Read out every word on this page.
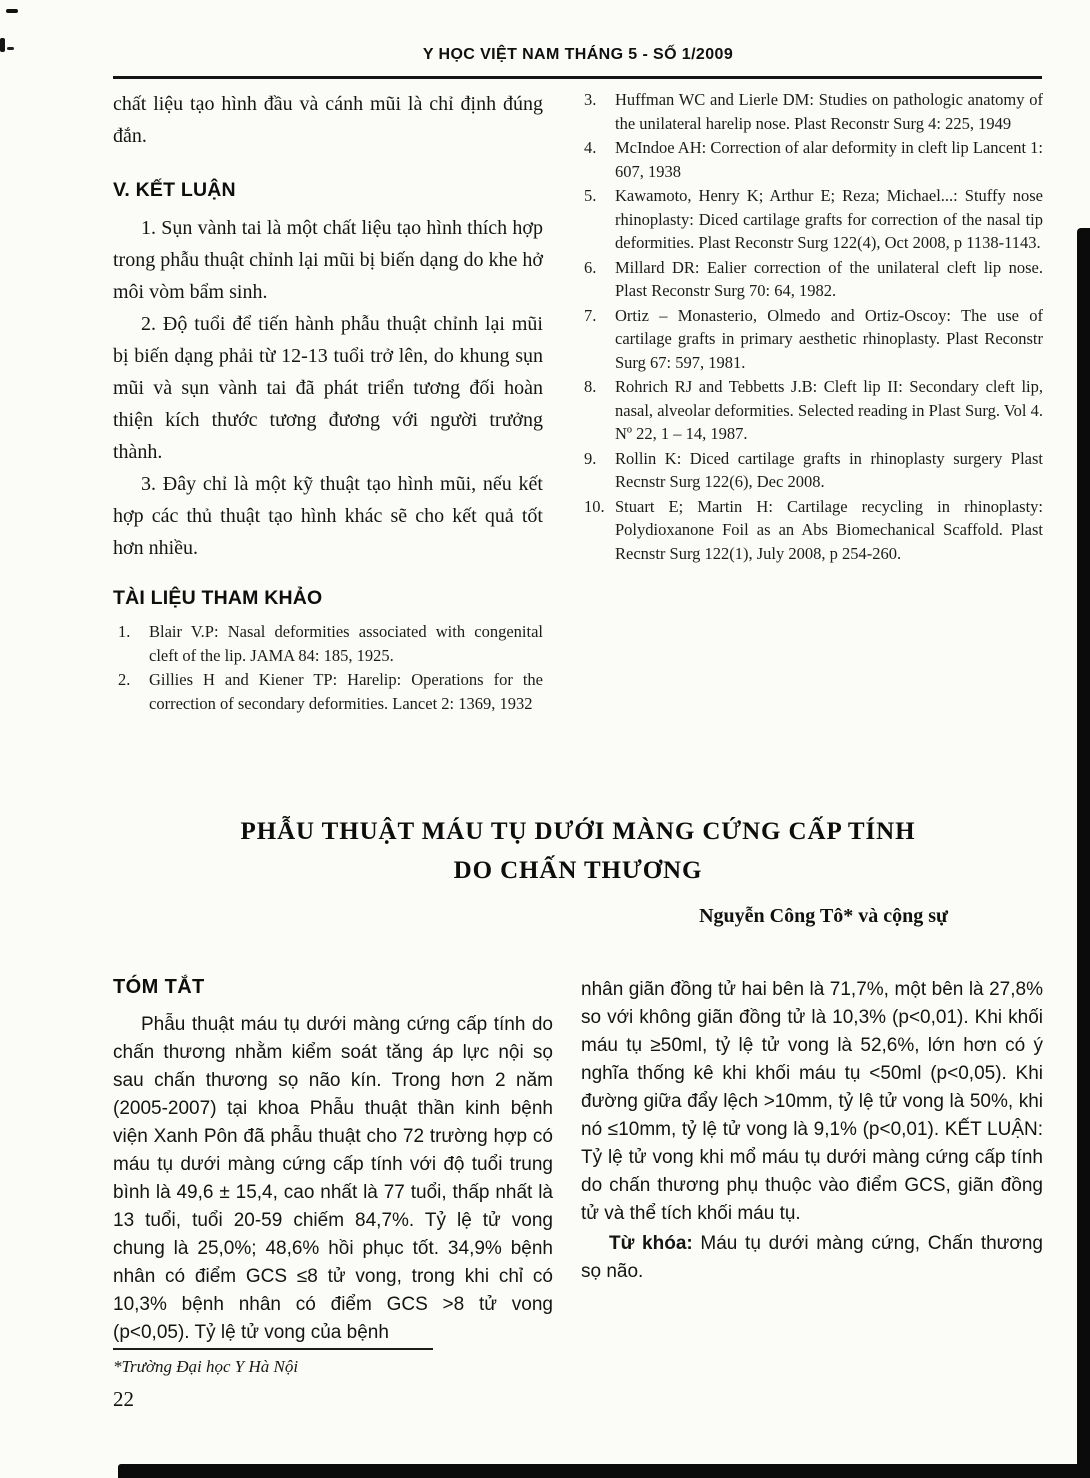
Y HỌC VIỆT NAM THÁNG 5 - SỐ 1/2009

chất liệu tạo hình đầu và cánh mũi là chỉ định đúng đắn.

V. KẾT LUẬN

1. Sụn vành tai là một chất liệu tạo hình thích hợp trong phẫu thuật chỉnh lại mũi bị biến dạng do khe hở môi vòm bẩm sinh.

2. Độ tuổi để tiến hành phẫu thuật chỉnh lại mũi bị biến dạng phải từ 12-13 tuổi trở lên, do khung sụn mũi và sụn vành tai đã phát triển tương đối hoàn thiện kích thước tương đương với người trưởng thành.

3. Đây chỉ là một kỹ thuật tạo hình mũi, nếu kết hợp các thủ thuật tạo hình khác sẽ cho kết quả tốt hơn nhiều.

TÀI LIỆU THAM KHẢO
1.	Blair V.P: Nasal deformities associated with congenital cleft of the lip. JAMA 84: 185, 1925.
2.	Gillies H and Kiener TP: Harelip: Operations for the correction of secondary deformities. Lancet 2: 1369, 1932
3.	Huffman WC and Lierle DM: Studies on pathologic anatomy of the unilateral harelip nose. Plast Reconstr Surg 4: 225, 1949
4.	McIndoe AH: Correction of alar deformity in cleft lip Lancent 1: 607, 1938
5.	Kawamoto, Henry K; Arthur E; Reza; Michael...: Stuffy nose rhinoplasty: Diced cartilage grafts for correction of the nasal tip deformities. Plast Reconstr Surg 122(4), Oct 2008, p 1138-1143.
6.	Millard DR: Ealier correction of the unilateral cleft lip nose. Plast Reconstr Surg 70: 64, 1982.
7.	Ortiz – Monasterio, Olmedo and Ortiz-Oscoy: The use of cartilage grafts in primary aesthetic rhinoplasty. Plast Reconstr Surg 67: 597, 1981.
8.	Rohrich RJ and Tebbetts J.B: Cleft lip II: Secondary cleft lip, nasal, alveolar deformities. Selected reading in Plast Surg. Vol 4. Nº 22, 1 – 14, 1987.
9.	Rollin K: Diced cartilage grafts in rhinoplasty surgery Plast Recnstr Surg 122(6), Dec 2008.
10. Stuart E; Martin H: Cartilage recycling in rhinoplasty: Polydioxanone Foil as an Abs Biomechanical Scaffold. Plast Recnstr Surg 122(1), July 2008, p 254-260.
PHẪU THUẬT MÁU TỤ DƯỚI MÀNG CỨNG CẤP TÍNH
DO CHẤN THƯƠNG
Nguyễn Công Tô* và cộng sự
TÓM TẮT

Phẫu thuật máu tụ dưới màng cứng cấp tính do chấn thương nhằm kiểm soát tăng áp lực nội sọ sau chấn thương sọ não kín. Trong hơn 2 năm (2005-2007) tại khoa Phẫu thuật thần kinh bệnh viện Xanh Pôn đã phẫu thuật cho 72 trường hợp có máu tụ dưới màng cứng cấp tính với độ tuổi trung bình là 49,6 ± 15,4, cao nhất là 77 tuổi, thấp nhất là 13 tuổi, tuổi 20-59 chiếm 84,7%. Tỷ lệ tử vong chung là 25,0%; 48,6% hồi phục tốt. 34,9% bệnh nhân có điểm GCS ≤8 tử vong, trong khi chỉ có 10,3% bệnh nhân có điểm GCS >8 tử vong (p<0,05). Tỷ lệ tử vong của bệnh

nhân giãn đồng tử hai bên là 71,7%, một bên là 27,8% so với không giãn đồng tử là 10,3% (p<0,01). Khi khối máu tụ ≥50ml, tỷ lệ tử vong là 52,6%, lớn hơn có ý nghĩa thống kê khi khối máu tụ <50ml (p<0,05). Khi đường giữa đẩy lệch >10mm, tỷ lệ tử vong là 50%, khi nó ≤10mm, tỷ lệ tử vong là 9,1% (p<0,01). KẾT LUẬN: Tỷ lệ tử vong khi mổ máu tụ dưới màng cứng cấp tính do chấn thương phụ thuộc vào điểm GCS, giãn đồng tử và thể tích khối máu tụ.

Từ khóa: Máu tụ dưới màng cứng, Chấn thương sọ não.

*Trường Đại học Y Hà Nội
22
